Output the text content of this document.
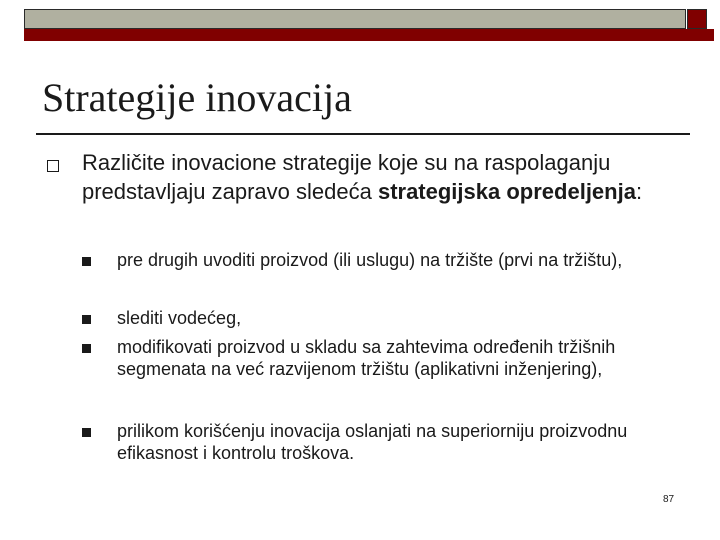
Strategije inovacija
Različite inovacione strategije koje su na raspolaganju predstavljaju zapravo sledeća strategijska opredeljenja:
pre drugih uvoditi proizvod (ili uslugu) na tržište (prvi na tržištu),
slediti vodećeg,
modifikovati proizvod u skladu sa zahtevima određenih tržišnih segmenata na već razvijenom tržištu (aplikativni inženjering),
prilikom korišćenju inovacija oslanjati na superiorniju proizvodnu efikasnost i kontrolu troškova.
87
